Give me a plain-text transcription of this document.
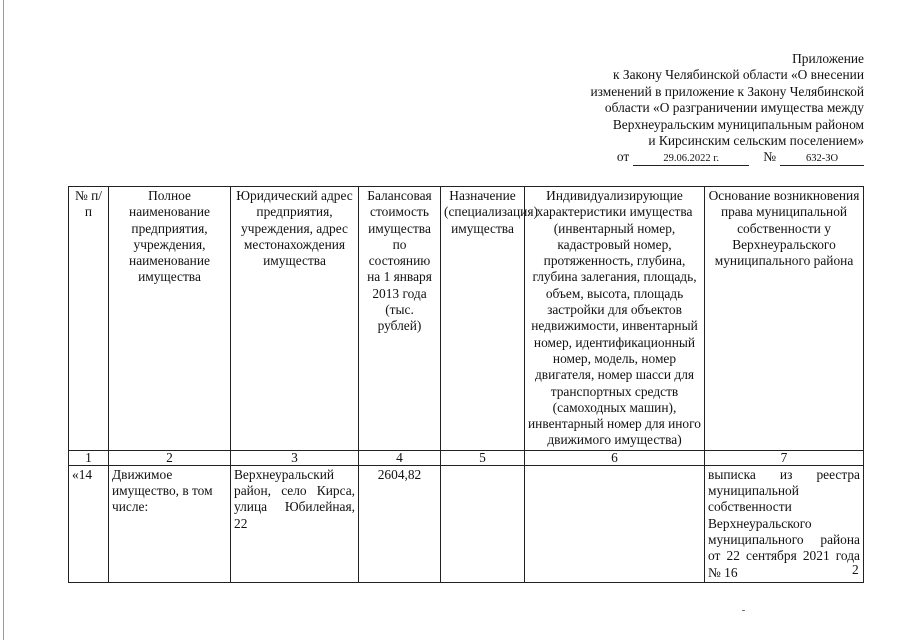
Приложение
к Закону Челябинской области «О внесении
изменений в приложение к Закону Челябинской
области «О разграничении имущества между
Верхнеуральским муниципальным районом
и Кирсинским сельским поселением»
от	29.06.2022 г.	№	632-ЗО
№ п/п	Полное наименование предприятия, учреждения, наименование имущества	Юридический адрес предприятия, учреждения, адрес местонахождения имущества	Балансовая стоимость имущества по состоянию на 1 января 2013 года (тыс. рублей)	Назначение (специализация) имущества	Индивидуализирующие характеристики имущества (инвентарный номер, кадастровый номер, протяженность, глубина, глубина залегания, площадь, объем, высота, площадь застройки для объектов недвижимости, инвентарный номер, идентификационный номер, модель, номер двигателя, номер шасси для транспортных средств (самоходных машин), инвентарный номер для иного движимого имущества)	Основание возникновения права муниципальной собственности у Верхнеуральского муниципального района
1	2	3	4	5	6	7
«14	Движимое имущество, в том числе:	Верхнеуральский район, село Кирса, улица Юбилейная, 22	2604,82			выписка из реестра муниципальной собственности Верхнеуральского муниципального района от 22 сентября 2021 года № 16	2
